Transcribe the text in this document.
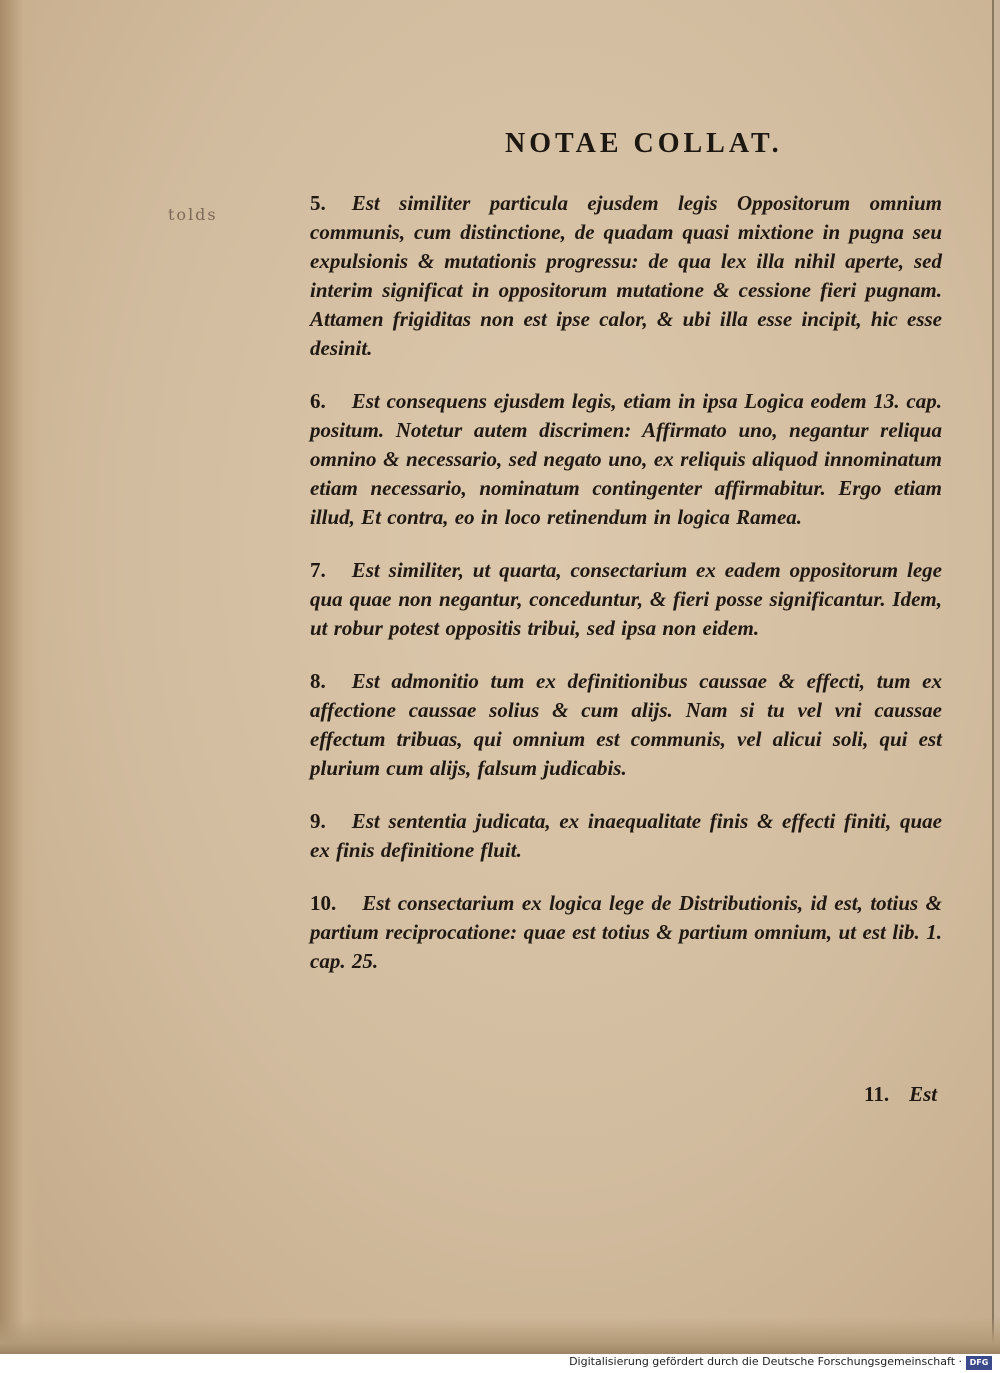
NOTAE COLLAT.
tolds	5. Est similiter particula ejusdem legis Oppositorum omnium communis, cum distinctione, de quadam quasi mixtione in pugna seu expulsionis & mutationis progressu: de qua lex illa nihil aperte, sed interim significat in oppositorum mutatione & cessione fieri pugnam. Attamen frigiditas non est ipse calor, & ubi illa esse incipit, hic esse desinit.

6. Est consequens ejusdem legis, etiam in ipsa Logica eodem 13. cap. positum. Notetur autem discrimen: Affirmato uno, negantur reliqua omnino & necessario, sed negato uno, ex reliquis aliquod innominatum etiam necessario, nominatum contingenter affirmabitur. Ergo etiam illud, Et contra, eo in loco retinendum in logica Ramea.

7. Est similiter, ut quarta, consectarium ex eadem oppositorum lege qua quae non negantur, conceduntur, & fieri posse significantur. Idem, ut robur potest oppositis tribui, sed ipsa non eidem.

8. Est admonitio tum ex definitionibus caussae & effecti, tum ex affectione caussae solius & cum alijs. Nam si tu vel vni caussae effectum tribuas, qui omnium est communis, vel alicui soli, qui est plurium cum alijs, falsum judicabis.

9. Est sententia judicata, ex inaequalitate finis & effecti finiti, quae ex finis definitione fluit.

10. Est consectarium ex logica lege de Distributionis, id est, totius & partium reciprocatione: quae est totius & partium omnium, ut est lib. 1. cap. 25.

11. Est
Digitalisierung gefördert durch die Deutsche Forschungsgemeinschaft · DFG
